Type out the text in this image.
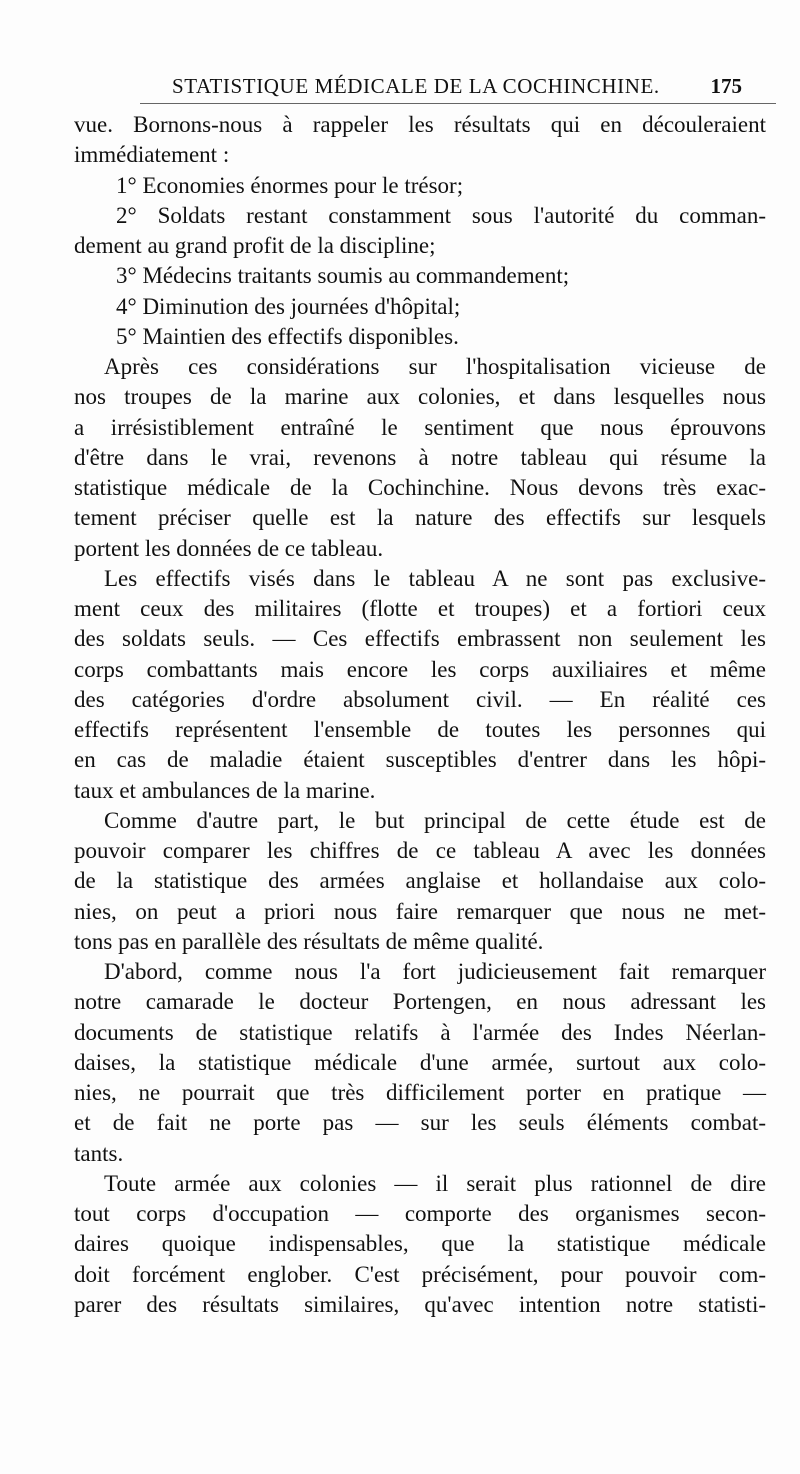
STATISTIQUE MÉDICALE DE LA COCHINCHINE. 175
vue. Bornons-nous à rappeler les résultats qui en découleraient
immédiatement :
1° Economies énormes pour le trésor;
2° Soldats restant constamment sous l'autorité du comman-
dement au grand profit de la discipline;
3° Médecins traitants soumis au commandement;
4° Diminution des journées d'hôpital;
5° Maintien des effectifs disponibles.
Après ces considérations sur l'hospitalisation vicieuse de
nos troupes de la marine aux colonies, et dans lesquelles nous
a irrésistiblement entraîné le sentiment que nous éprouvons
d'être dans le vrai, revenons à notre tableau qui résume la
statistique médicale de la Cochinchine. Nous devons très exac-
tement préciser quelle est la nature des effectifs sur lesquels
portent les données de ce tableau.
Les effectifs visés dans le tableau A ne sont pas exclusive-
ment ceux des militaires (flotte et troupes) et a fortiori ceux
des soldats seuls. — Ces effectifs embrassent non seulement les
corps combattants mais encore les corps auxiliaires et même
des catégories d'ordre absolument civil. — En réalité ces
effectifs représentent l'ensemble de toutes les personnes qui
en cas de maladie étaient susceptibles d'entrer dans les hôpi-
taux et ambulances de la marine.
Comme d'autre part, le but principal de cette étude est de
pouvoir comparer les chiffres de ce tableau A avec les données
de la statistique des armées anglaise et hollandaise aux colo-
nies, on peut a priori nous faire remarquer que nous ne met-
tons pas en parallèle des résultats de même qualité.
D'abord, comme nous l'a fort judicieusement fait remarquer
notre camarade le docteur Portengen, en nous adressant les
documents de statistique relatifs à l'armée des Indes Néerlan-
daises, la statistique médicale d'une armée, surtout aux colo-
nies, ne pourrait que très difficilement porter en pratique —
et de fait ne porte pas — sur les seuls éléments combat-
tants.
Toute armée aux colonies — il serait plus rationnel de dire
tout corps d'occupation — comporte des organismes secon-
daires quoique indispensables, que la statistique médicale
doit forcément englober. C'est précisément, pour pouvoir com-
parer des résultats similaires, qu'avec intention notre statisti-
